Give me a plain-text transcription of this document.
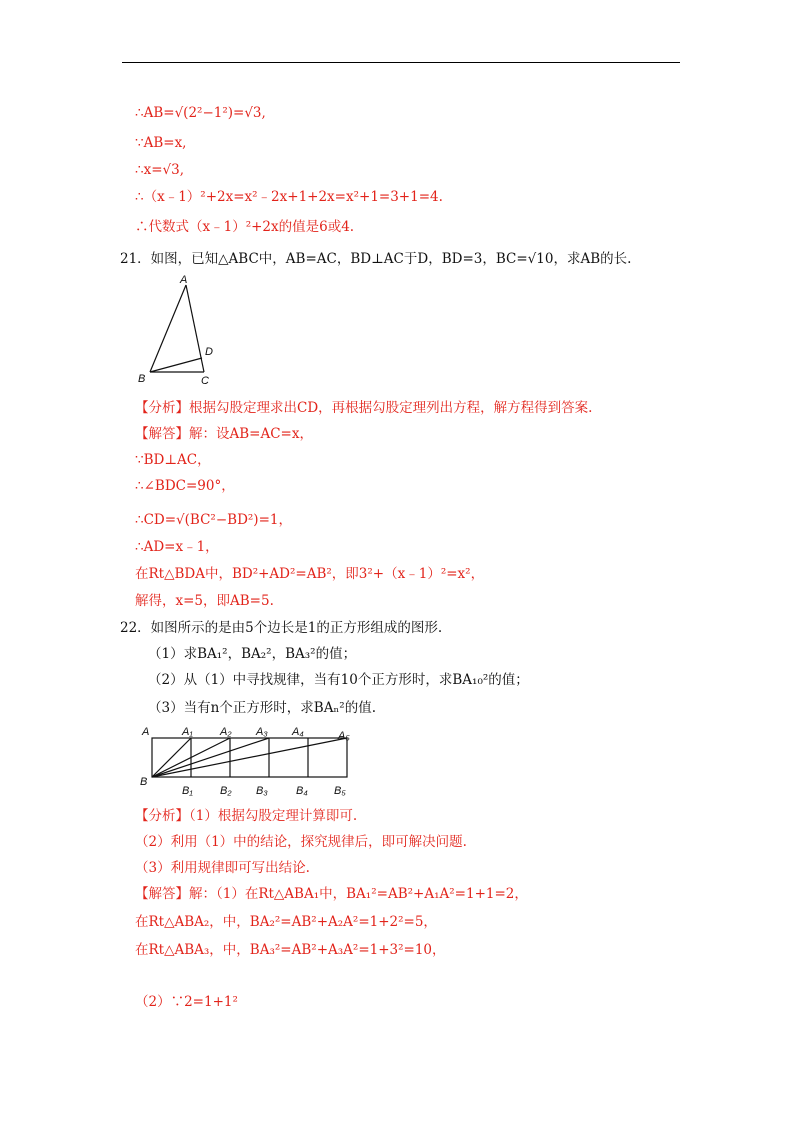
∴AB=√(2²−1²)=√3,
∵AB=x,
∴x=√3,
∴（x﹣1）²+2x=x²﹣2x+1+2x=x²+1=3+1=4.
∴代数式（x﹣1）²+2x的值是6或4.
21．如图，已知△ABC中，AB=AC，BD⊥AC于D，BD=3，BC=√10，求AB的长.
A
B	C
D
【分析】根据勾股定理求出CD，再根据勾股定理列出方程，解方程得到答案.
【解答】解：设AB=AC=x，
∵BD⊥AC，
∴∠BDC=90°，
∴CD=√(BC²−BD²)=1，
∴AD=x﹣1，
在Rt△BDA中，BD²+AD²=AB²，即3²+（x﹣1）²=x²，
解得，x=5，即AB=5.
22．如图所示的是由5个边长是1的正方形组成的图形.
（1）求BA₁²，BA₂²，BA₃²的值；
（2）从（1）中寻找规律，当有10个正方形时，求BA₁₀²的值；
（3）当有n个正方形时，求BAₙ²的值.
A	A₁ A₂ A₃ A₄	A₅
B
B₁ B₂ B₃	B₄ B₅
【分析】（1）根据勾股定理计算即可.
（2）利用（1）中的结论，探究规律后，即可解决问题.
（3）利用规律即可写出结论.
【解答】解：（1）在Rt△ABA₁中，BA₁²=AB²+A₁A²=1+1=2，
在Rt△ABA₂，中，BA₂²=AB²+A₂A²=1+2²=5，
在Rt△ABA₃，中，BA₃²=AB²+A₃A²=1+3²=10，
（2）∵2=1+1²
